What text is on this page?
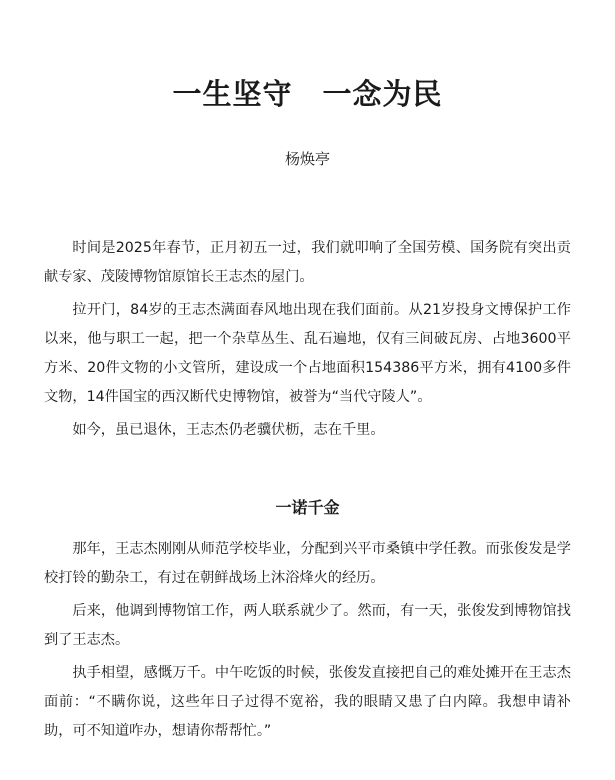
一生坚守　一念为民
杨焕亭

时间是2025年春节，正月初五一过，我们就叩响了全国劳模、国务院有突出贡献专家、茂陵博物馆原馆长王志杰的屋门。

拉开门，84岁的王志杰满面春风地出现在我们面前。从21岁投身文博保护工作以来，他与职工一起，把一个杂草丛生、乱石遍地，仅有三间破瓦房、占地3600平方米、20件文物的小文管所，建设成一个占地面积154386平方米，拥有4100多件文物，14件国宝的西汉断代史博物馆，被誉为“当代守陵人”。

如今，虽已退休，王志杰仍老骥伏枥，志在千里。

一诺千金

那年，王志杰刚刚从师范学校毕业，分配到兴平市桑镇中学任教。而张俊发是学校打铃的勤杂工，有过在朝鲜战场上沐浴烽火的经历。

后来，他调到博物馆工作，两人联系就少了。然而，有一天，张俊发到博物馆找到了王志杰。

执手相望，感慨万千。中午吃饭的时候，张俊发直接把自己的难处摊开在王志杰面前：“不瞒你说，这些年日子过得不宽裕，我的眼睛又患了白内障。我想申请补助，可不知道咋办，想请你帮帮忙。”
